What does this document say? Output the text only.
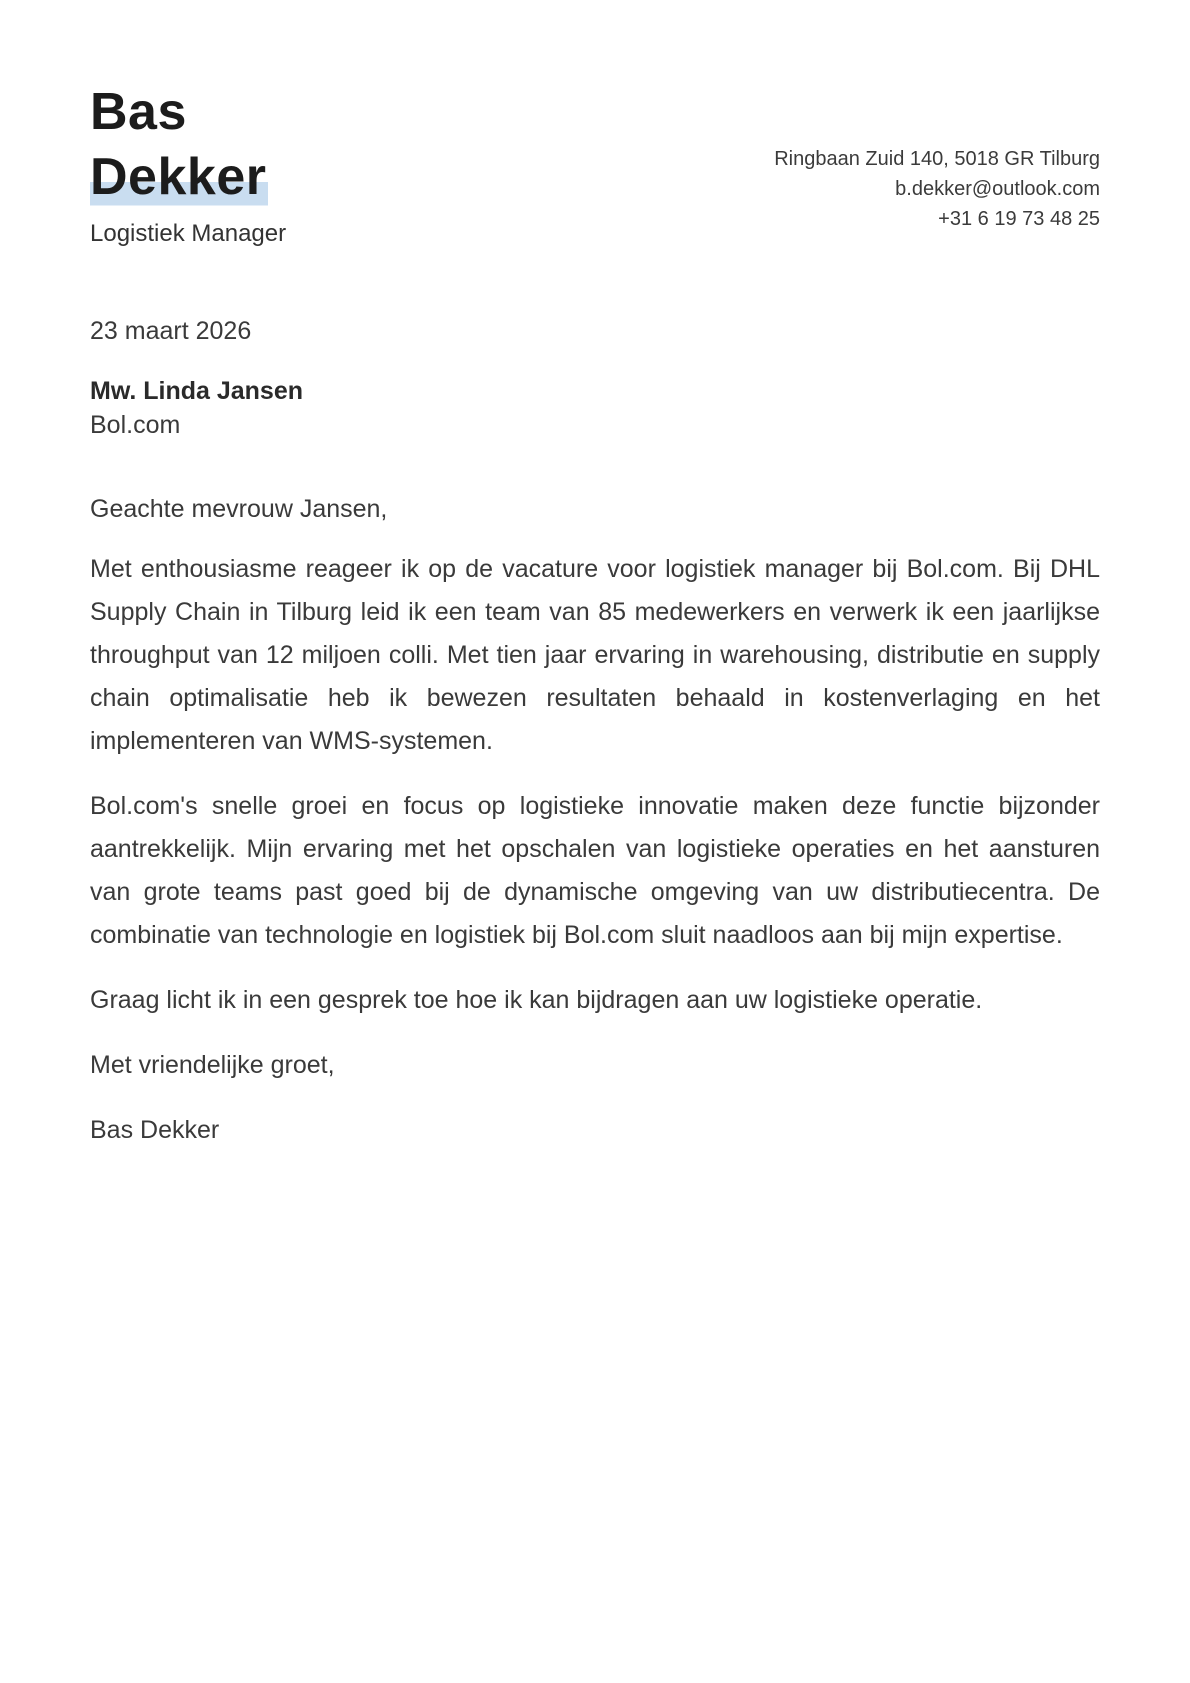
Bas
Dekker
Logistiek Manager
Ringbaan Zuid 140, 5018 GR Tilburg
b.dekker@outlook.com
+31 6 19 73 48 25
23 maart 2026
Mw. Linda Jansen
Bol.com
Geachte mevrouw Jansen,

Met enthousiasme reageer ik op de vacature voor logistiek manager bij Bol.com. Bij DHL Supply Chain in Tilburg leid ik een team van 85 medewerkers en verwerk ik een jaarlijkse throughput van 12 miljoen colli. Met tien jaar ervaring in warehousing, distributie en supply chain optimalisatie heb ik bewezen resultaten behaald in kostenverlaging en het implementeren van WMS-systemen.

Bol.com's snelle groei en focus op logistieke innovatie maken deze functie bijzonder aantrekkelijk. Mijn ervaring met het opschalen van logistieke operaties en het aansturen van grote teams past goed bij de dynamische omgeving van uw distributiecentra. De combinatie van technologie en logistiek bij Bol.com sluit naadloos aan bij mijn expertise.

Graag licht ik in een gesprek toe hoe ik kan bijdragen aan uw logistieke operatie.

Met vriendelijke groet,
Bas Dekker
